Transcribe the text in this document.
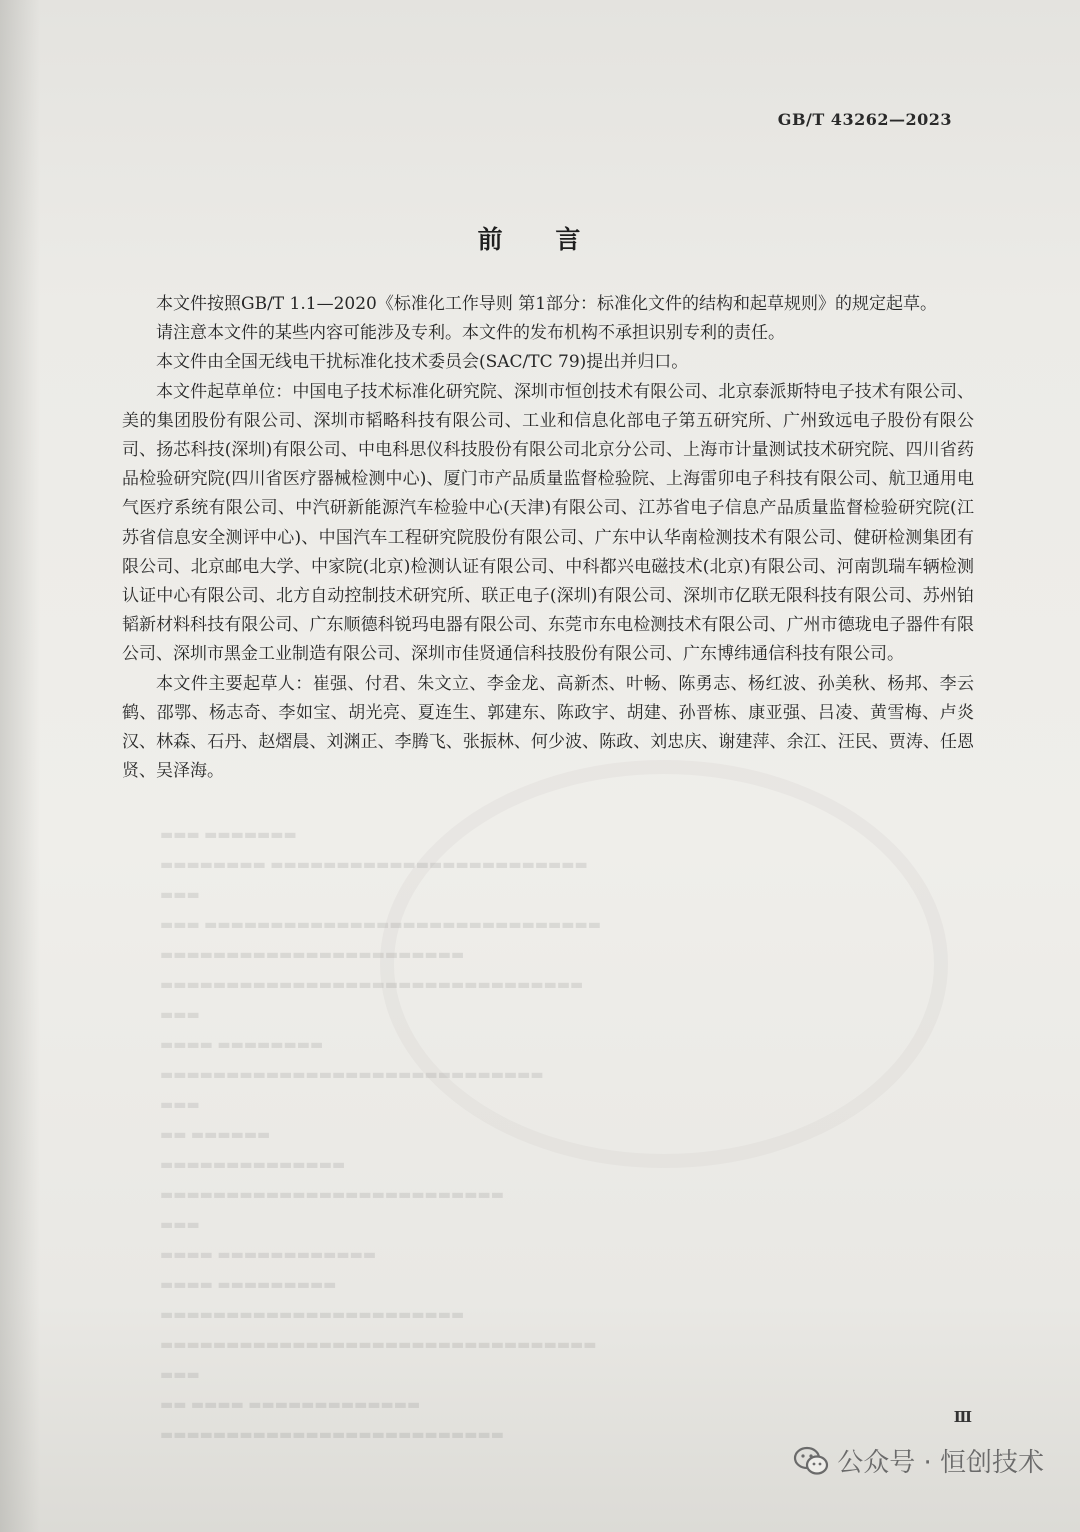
▬▬▬ ▬▬▬▬▬▬▬
▬▬▬▬▬▬▬▬ ▬▬▬▬▬▬▬▬▬▬▬▬▬▬▬▬▬▬▬▬▬▬▬▬
▬▬▬
▬▬▬ ▬▬▬▬▬▬▬▬▬▬▬▬▬▬▬▬▬▬▬▬▬▬▬▬▬▬▬▬▬▬
▬▬▬▬▬▬▬▬▬▬▬▬▬▬▬▬▬▬▬▬▬▬▬
▬▬▬▬▬▬▬▬▬▬▬▬▬▬▬▬▬▬▬▬▬▬▬▬▬▬▬▬▬▬▬▬
▬▬▬
▬▬▬▬ ▬▬▬▬▬▬▬▬
▬▬▬▬▬▬▬▬▬▬▬▬▬▬▬▬▬▬▬▬▬▬▬▬▬▬▬▬▬
▬▬▬
▬▬ ▬▬▬▬▬▬
▬▬▬▬▬▬▬▬▬▬▬▬▬▬
▬▬▬▬▬▬▬▬▬▬▬▬▬▬▬▬▬▬▬▬▬▬▬▬▬▬
▬▬▬
▬▬▬▬ ▬▬▬▬▬▬▬▬▬▬▬▬
▬▬▬▬ ▬▬▬▬▬▬▬▬▬
▬▬▬▬▬▬▬▬▬▬▬▬▬▬▬▬▬▬▬▬▬▬▬
▬▬▬▬▬▬▬▬▬▬▬▬▬▬▬▬▬▬▬▬▬▬▬▬▬▬▬▬▬▬▬▬▬
▬▬▬
▬▬ ▬▬▬▬ ▬▬▬▬▬▬▬▬▬▬▬▬▬
▬▬▬▬▬▬▬▬▬▬▬▬▬▬▬▬▬▬▬▬▬▬▬▬▬▬
GB/T 43262—2023
前 言

本文件按照GB/T 1.1—2020《标准化工作导则 第1部分：标准化文件的结构和起草规则》的规定起草。

请注意本文件的某些内容可能涉及专利。本文件的发布机构不承担识别专利的责任。

本文件由全国无线电干扰标准化技术委员会(SAC/TC 79)提出并归口。

本文件起草单位：中国电子技术标准化研究院、深圳市恒创技术有限公司、北京泰派斯特电子技术有限公司、美的集团股份有限公司、深圳市韬略科技有限公司、工业和信息化部电子第五研究所、广州致远电子股份有限公司、扬芯科技(深圳)有限公司、中电科思仪科技股份有限公司北京分公司、上海市计量测试技术研究院、四川省药品检验研究院(四川省医疗器械检测中心)、厦门市产品质量监督检验院、上海雷卯电子科技有限公司、航卫通用电气医疗系统有限公司、中汽研新能源汽车检验中心(天津)有限公司、江苏省电子信息产品质量监督检验研究院(江苏省信息安全测评中心)、中国汽车工程研究院股份有限公司、广东中认华南检测技术有限公司、健研检测集团有限公司、北京邮电大学、中家院(北京)检测认证有限公司、中科都兴电磁技术(北京)有限公司、河南凯瑞车辆检测认证中心有限公司、北方自动控制技术研究所、联正电子(深圳)有限公司、深圳市亿联无限科技有限公司、苏州铂韬新材料科技有限公司、广东顺德科锐玛电器有限公司、东莞市东电检测技术有限公司、广州市德珑电子器件有限公司、深圳市黑金工业制造有限公司、深圳市佳贤通信科技股份有限公司、广东博纬通信科技有限公司。

本文件主要起草人：崔强、付君、朱文立、李金龙、高新杰、叶畅、陈勇志、杨红波、孙美秋、杨邦、李云鹤、邵鄂、杨志奇、李如宝、胡光亮、夏连生、郭建东、陈政宇、胡建、孙晋栋、康亚强、吕凌、黄雪梅、卢炎汉、林森、石丹、赵熠晨、刘渊正、李腾飞、张振林、何少波、陈政、刘忠庆、谢建萍、余江、汪民、贾涛、任恩贤、吴泽海。

Ⅲ
公众号 · 恒创技术
